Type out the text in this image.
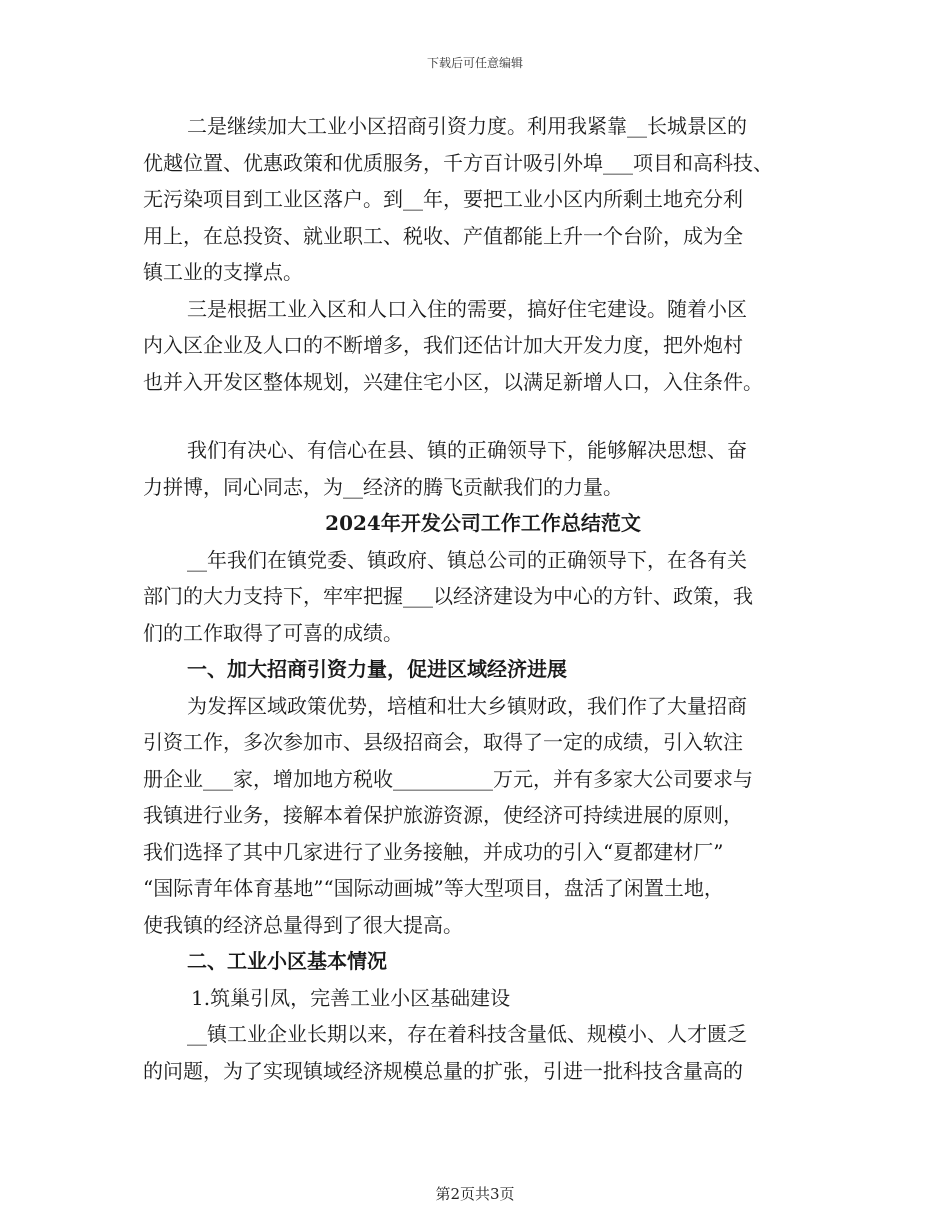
下载后可任意编辑
二是继续加大工业小区招商引资力度。利用我紧靠__长城景区的
优越位置、优惠政策和优质服务，千方百计吸引外埠___项目和高科技、
无污染项目到工业区落户。到__年，要把工业小区内所剩土地充分利
用上，在总投资、就业职工、税收、产值都能上升一个台阶，成为全
镇工业的支撑点。
三是根据工业入区和人口入住的需要，搞好住宅建设。随着小区
内入区企业及人口的不断增多，我们还估计加大开发力度，把外炮村
也并入开发区整体规划，兴建住宅小区，以满足新增人口，入住条件。
我们有决心、有信心在县、镇的正确领导下，能够解决思想、奋
力拼博，同心同志，为__经济的腾飞贡献我们的力量。
2024年开发公司工作工作总结范文
__年我们在镇党委、镇政府、镇总公司的正确领导下，在各有关
部门的大力支持下，牢牢把握___以经济建设为中心的方针、政策，我
们的工作取得了可喜的成绩。
一、加大招商引资力量，促进区域经济进展
为发挥区域政策优势，培植和壮大乡镇财政，我们作了大量招商
引资工作，多次参加市、县级招商会，取得了一定的成绩，引入软注
册企业___家，增加地方税收__________万元，并有多家大公司要求与
我镇进行业务，接解本着保护旅游资源，使经济可持续进展的原则，
我们选择了其中几家进行了业务接触，并成功的引入“夏都建材厂”
“国际青年体育基地”“国际动画城”等大型项目，盘活了闲置土地，
使我镇的经济总量得到了很大提高。
二、工业小区基本情况
1.筑巢引凤，完善工业小区基础建设
__镇工业企业长期以来，存在着科技含量低、规模小、人才匮乏
的问题，为了实现镇域经济规模总量的扩张，引进一批科技含量高的
第2页共3页
